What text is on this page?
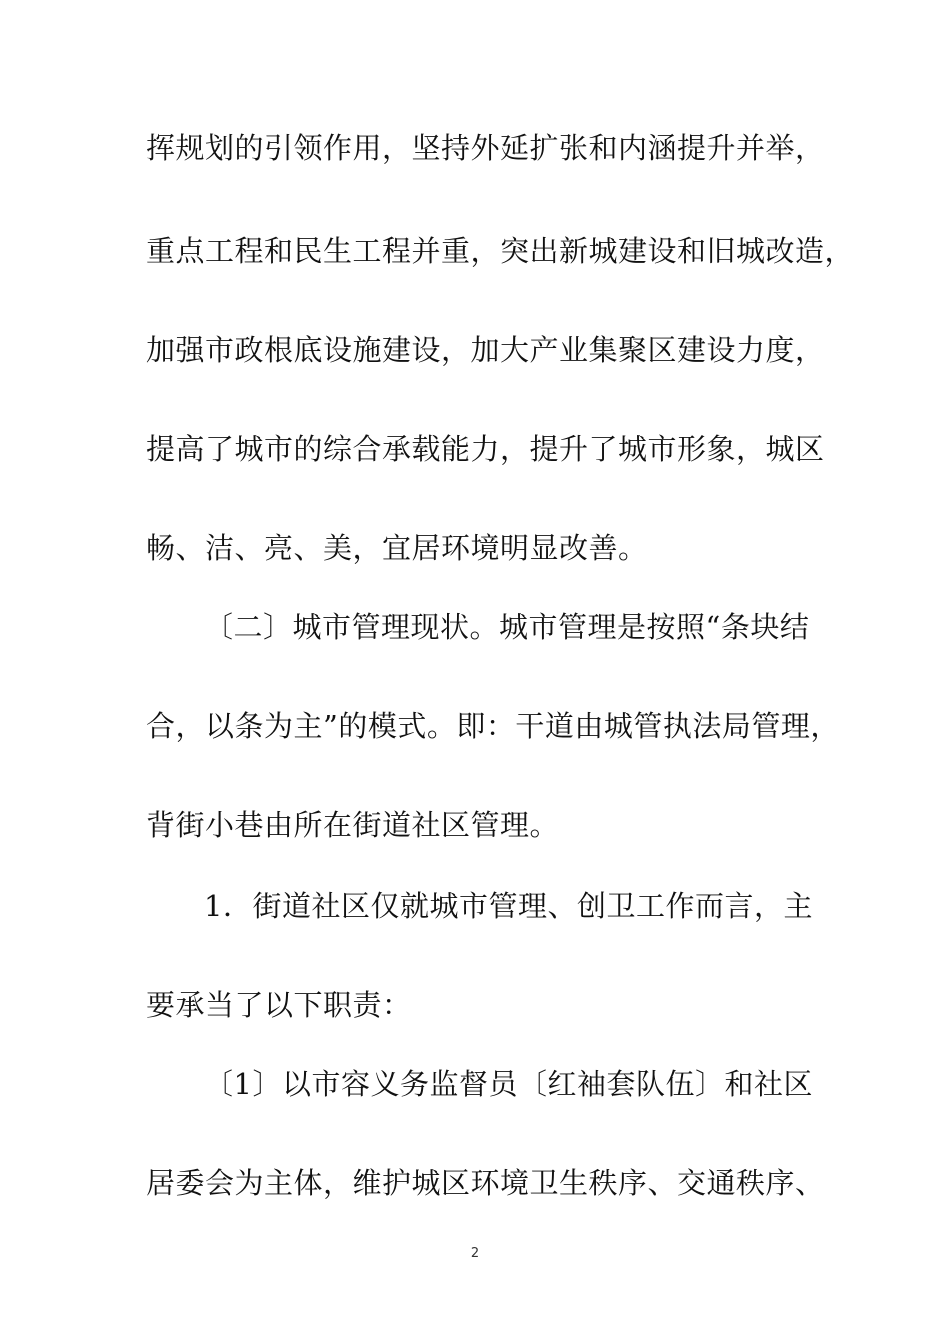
挥规划的引领作用，坚持外延扩张和内涵提升并举，
重点工程和民生工程并重，突出新城建设和旧城改造，
加强市政根底设施建设，加大产业集聚区建设力度，
提高了城市的综合承载能力，提升了城市形象，城区
畅、洁、亮、美，宜居环境明显改善。
〔二〕城市管理现状。城市管理是按照“条块结
合，以条为主”的模式。即：干道由城管执法局管理，
背街小巷由所在街道社区管理。
1．街道社区仅就城市管理、创卫工作而言，主
要承当了以下职责：
〔1〕以市容义务监督员〔红袖套队伍〕和社区
居委会为主体，维护城区环境卫生秩序、交通秩序、
2
